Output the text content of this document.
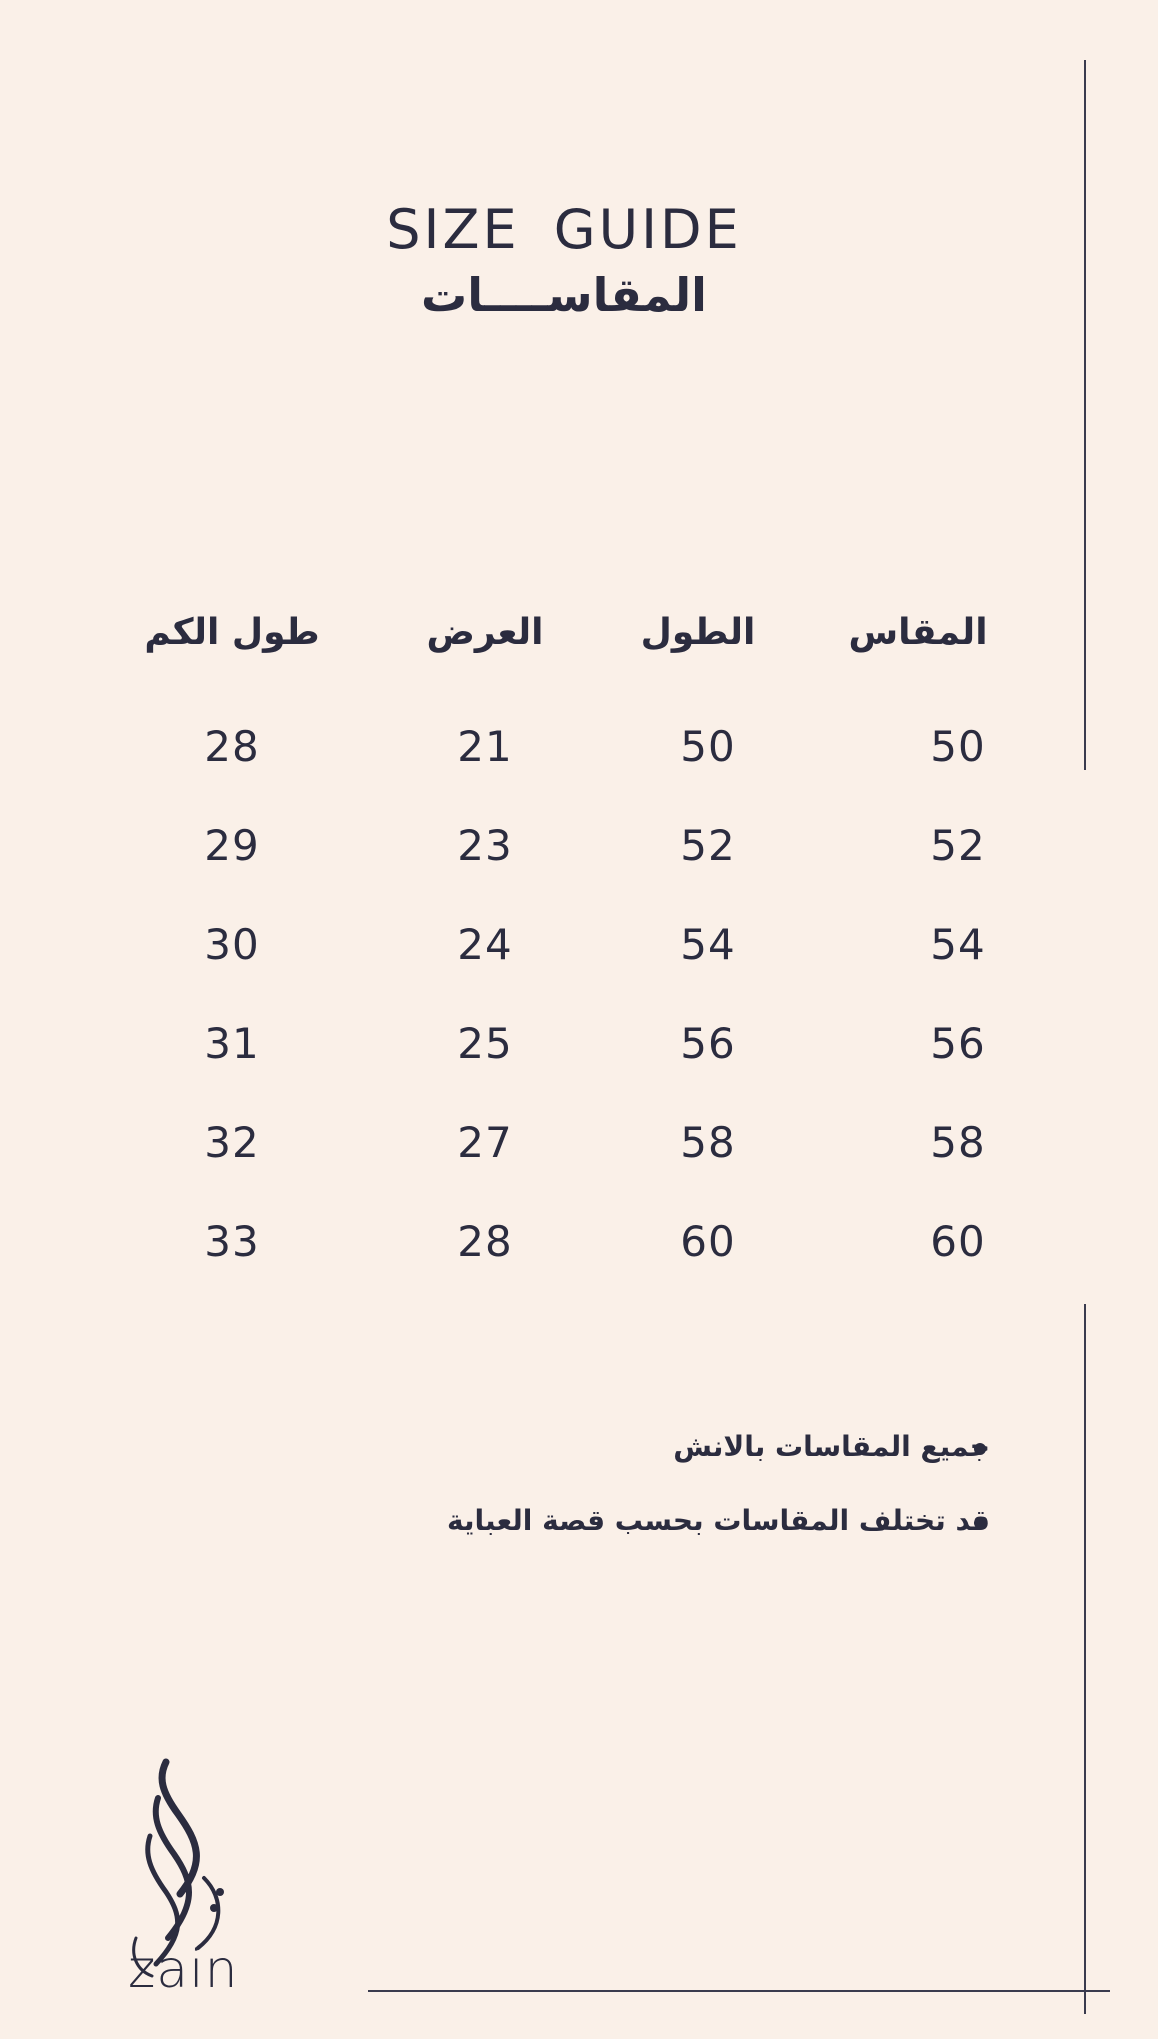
SIZE GUIDE
المقاســــات
المقاس
الطول
العرض
طول الكم
50
50
21
28
52
52
23
29
54
54
24
30
56
56
25
31
58
58
27
32
60
60
28
33
جميع المقاسات بالانش
قد تختلف المقاسات بحسب قصة العباية
zain
